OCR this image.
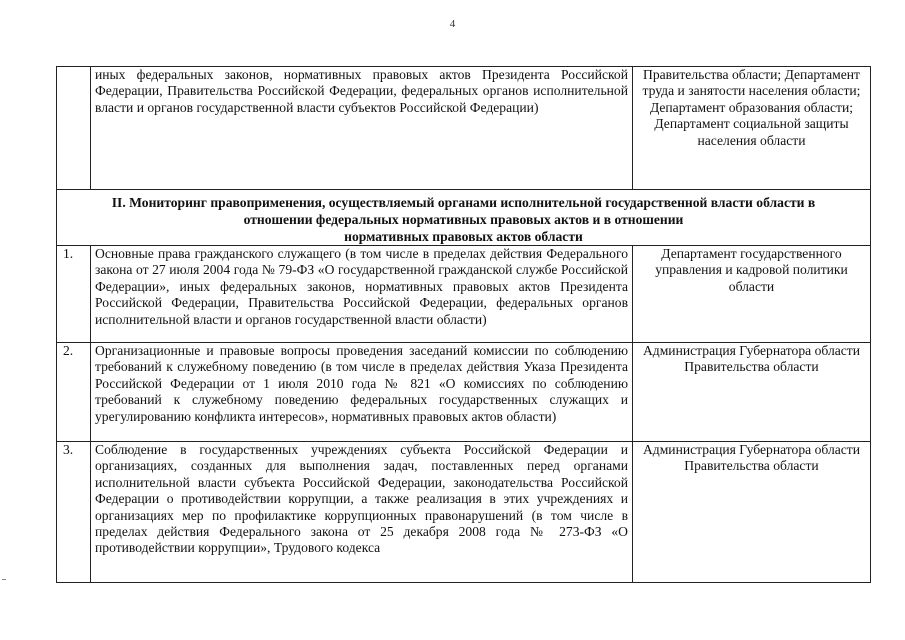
4
	иных федеральных законов, нормативных правовых актов Президента Российской Федерации, Правительства Российской Федерации, федеральных органов исполнительной власти и органов государственной власти субъектов Российской Федерации)	Правительства области; Департамент труда и занятости населения области; Департамент образования области; Департамент социальной защиты населения области

II. Мониторинг правоприменения, осуществляемый органами исполнительной государственной власти области в
отношении федеральных нормативных правовых актов и в отношении
нормативных правовых актов области		

1.	Основные права гражданского служащего (в том числе в пределах действия Федерального закона от 27 июля 2004 года № 79-ФЗ «О государственной гражданской службе Российской Федерации», иных федеральных законов, нормативных правовых актов Президента Российской Федерации, Правительства Российской Федерации, федеральных органов исполнительной власти и органов государственной власти области)	Департамент государственного управления и кадровой политики области
2.	Организационные и правовые вопросы проведения заседаний комиссии по соблюдению требований к служебному поведению (в том числе в пределах действия Указа Президента Российской Федерации от 1 июля 2010 года № 821 «О комиссиях по соблюдению требований к служебному поведению федеральных государственных служащих и урегулированию конфликта интересов», нормативных правовых актов области)	Администрация Губернатора области Правительства области
3.	Соблюдение в государственных учреждениях субъекта Российской Федерации и организациях, созданных для выполнения задач, поставленных перед органами исполнительной власти субъекта Российской Федерации, законодательства Российской Федерации о противодействии коррупции, а также реализация в этих учреждениях и организациях мер по профилактике коррупционных правонарушений (в том числе в пределах действия Федерального закона от 25 декабря 2008 года № 273-ФЗ «О противодействии коррупции», Трудового кодекса	Администрация Губернатора области Правительства области
